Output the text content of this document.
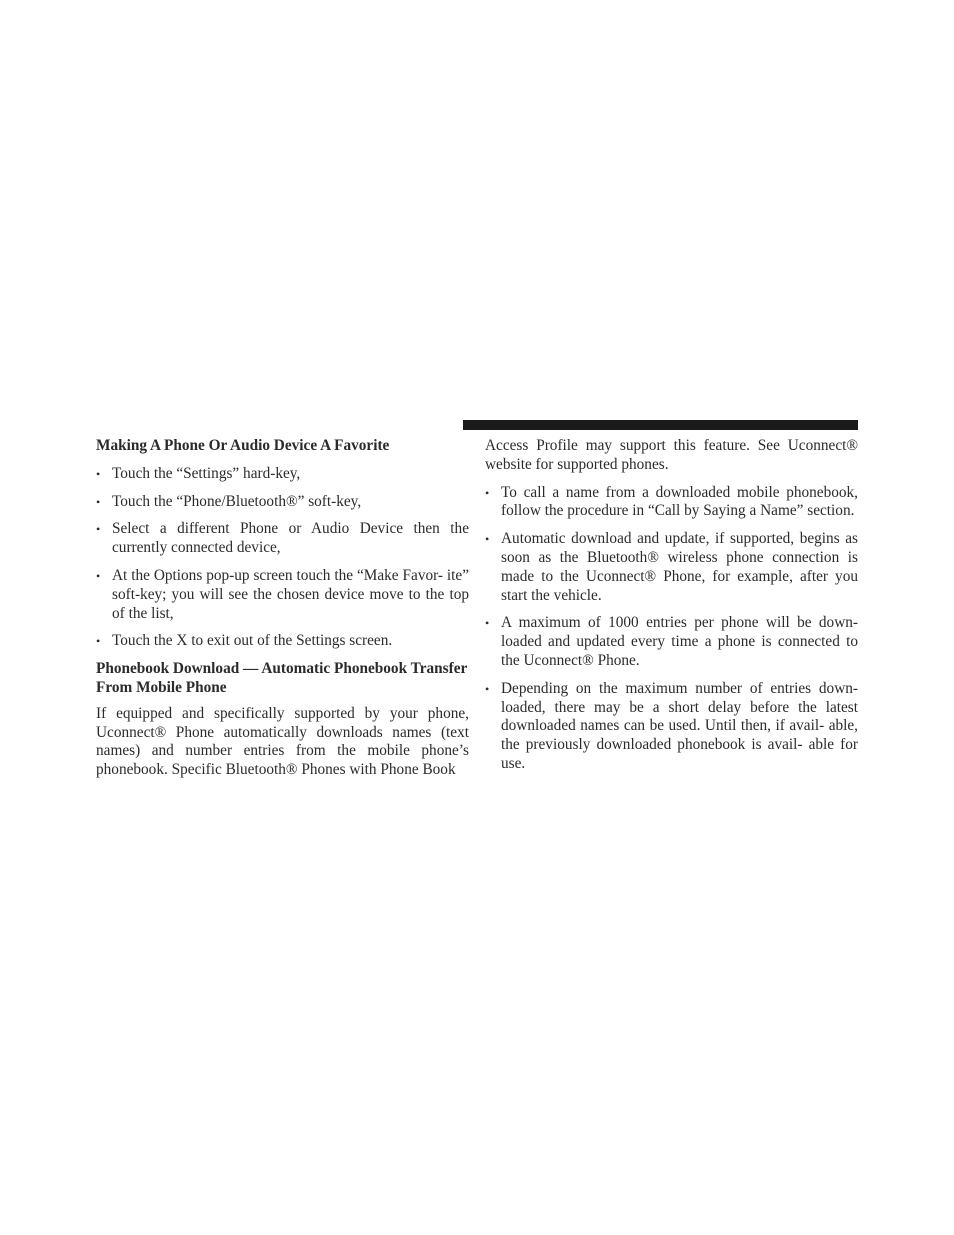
Making A Phone Or Audio Device A Favorite

• Touch the “Settings” hard-key,
• Touch the “Phone/Bluetooth®” soft-key,
• Select a different Phone or Audio Device then the currently connected device,
• At the Options pop-up screen touch the “Make Favor- ite” soft-key; you will see the chosen device move to the top of the list,
• Touch the X to exit out of the Settings screen.

Phonebook Download — Automatic Phonebook Transfer From Mobile Phone

If equipped and specifically supported by your phone, Uconnect® Phone automatically downloads names (text names) and number entries from the mobile phone’s phonebook. Specific Bluetooth® Phones with Phone Book

Access Profile may support this feature. See Uconnect® website for supported phones.

• To call a name from a downloaded mobile phonebook, follow the procedure in “Call by Saying a Name” section.
• Automatic download and update, if supported, begins as soon as the Bluetooth® wireless phone connection is made to the Uconnect® Phone, for example, after you start the vehicle.
• A maximum of 1000 entries per phone will be down- loaded and updated every time a phone is connected to the Uconnect® Phone.
• Depending on the maximum number of entries down- loaded, there may be a short delay before the latest downloaded names can be used. Until then, if avail- able, the previously downloaded phonebook is avail- able for use.
